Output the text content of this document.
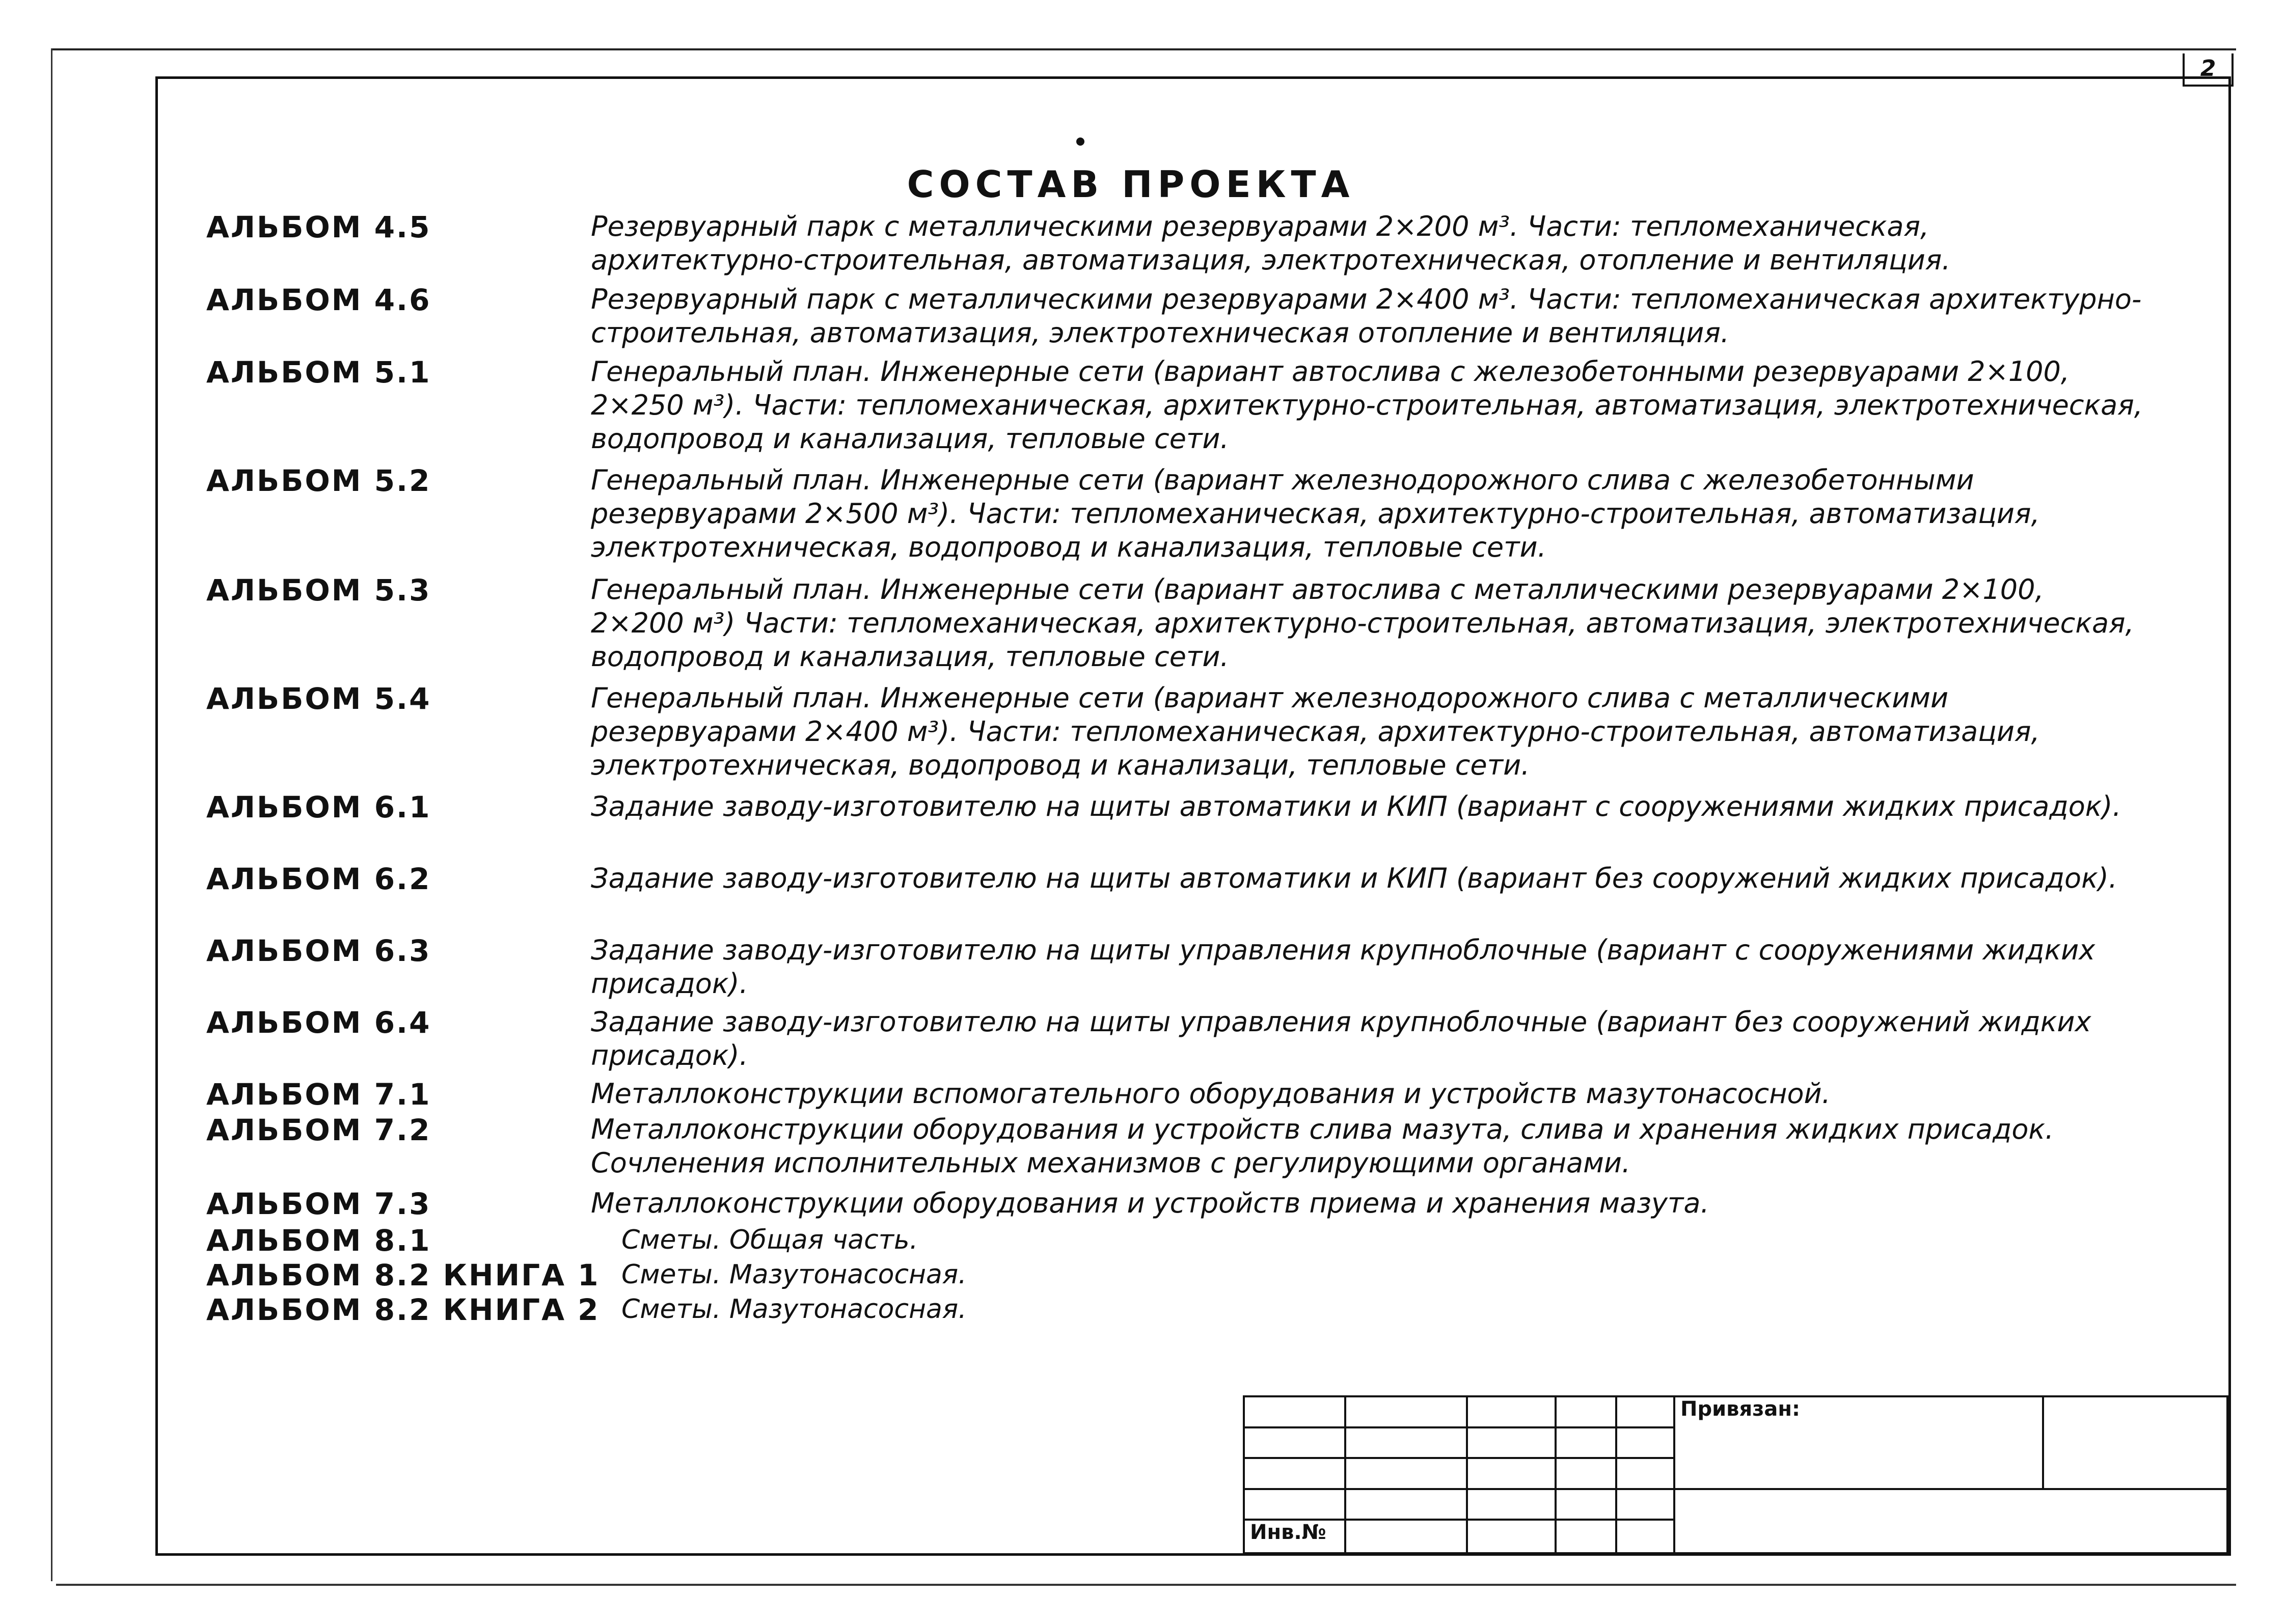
2
СОСТАВ ПРОЕКТА
АЛЬБОМ 4.5	Резервуарный парк с металлическими резервуарами 2×200 м³. Части: тепломеханическая, архитектурно-строительная, автоматизация, электротехническая, отопление и вентиляция.
АЛЬБОМ 4.6	Резервуарный парк с металлическими резервуарами 2×400 м³. Части: тепломеханическая архитектурно-строительная, автоматизация, электротехническая отопление и вентиляция.
АЛЬБОМ 5.1	Генеральный план. Инженерные сети (вариант автослива с железобетонными резервуарами 2×100, 2×250 м³). Части: тепломеханическая, архитектурно-строительная, автоматизация, электротехническая, водопровод и канализация, тепловые сети.
АЛЬБОМ 5.2	Генеральный план. Инженерные сети (вариант железнодорожного слива с железобетонными резервуарами 2×500 м³). Части: тепломеханическая, архитектурно-строительная, автоматизация, электротехническая, водопровод и канализация, тепловые сети.
АЛЬБОМ 5.3	Генеральный план. Инженерные сети (вариант автослива с металлическими резервуарами 2×100, 2×200 м³) Части: тепломеханическая, архитектурно-строительная, автоматизация, электротехническая, водопровод и канализация, тепловые сети.
АЛЬБОМ 5.4	Генеральный план. Инженерные сети (вариант железнодорожного слива с металлическими резервуарами 2×400 м³). Части: тепломеханическая, архитектурно-строительная, автоматизация, электротехническая, водопровод и канализаци, тепловые сети.
АЛЬБОМ 6.1	Задание заводу-изготовителю на щиты автоматики и КИП (вариант с сооружениями жидких присадок).
АЛЬБОМ 6.2	Задание заводу-изготовителю на щиты автоматики и КИП (вариант без сооружений жидких присадок).
АЛЬБОМ 6.3	Задание заводу-изготовителю на щиты управления крупноблочные (вариант с сооружениями жидких присадок).
АЛЬБОМ 6.4	Задание заводу-изготовителю на щиты управления крупноблочные (вариант без сооружений жидких присадок).
АЛЬБОМ 7.1	Металлоконструкции вспомогательного оборудования и устройств мазутонасосной.
АЛЬБОМ 7.2	Металлоконструкции оборудования и устройств слива мазута, слива и хранения жидких присадок. Сочленения исполнительных механизмов с регулирующими органами.
АЛЬБОМ 7.3	Металлоконструкции оборудования и устройств приема и хранения мазута.
АЛЬБОМ 8.1	Сметы. Общая часть.
АЛЬБОМ 8.2 КНИГА 1 Сметы. Мазутонасосная.
АЛЬБОМ 8.2 КНИГА 2 Сметы. Мазутонасосная.
					Привязан:	

Инв.№						
